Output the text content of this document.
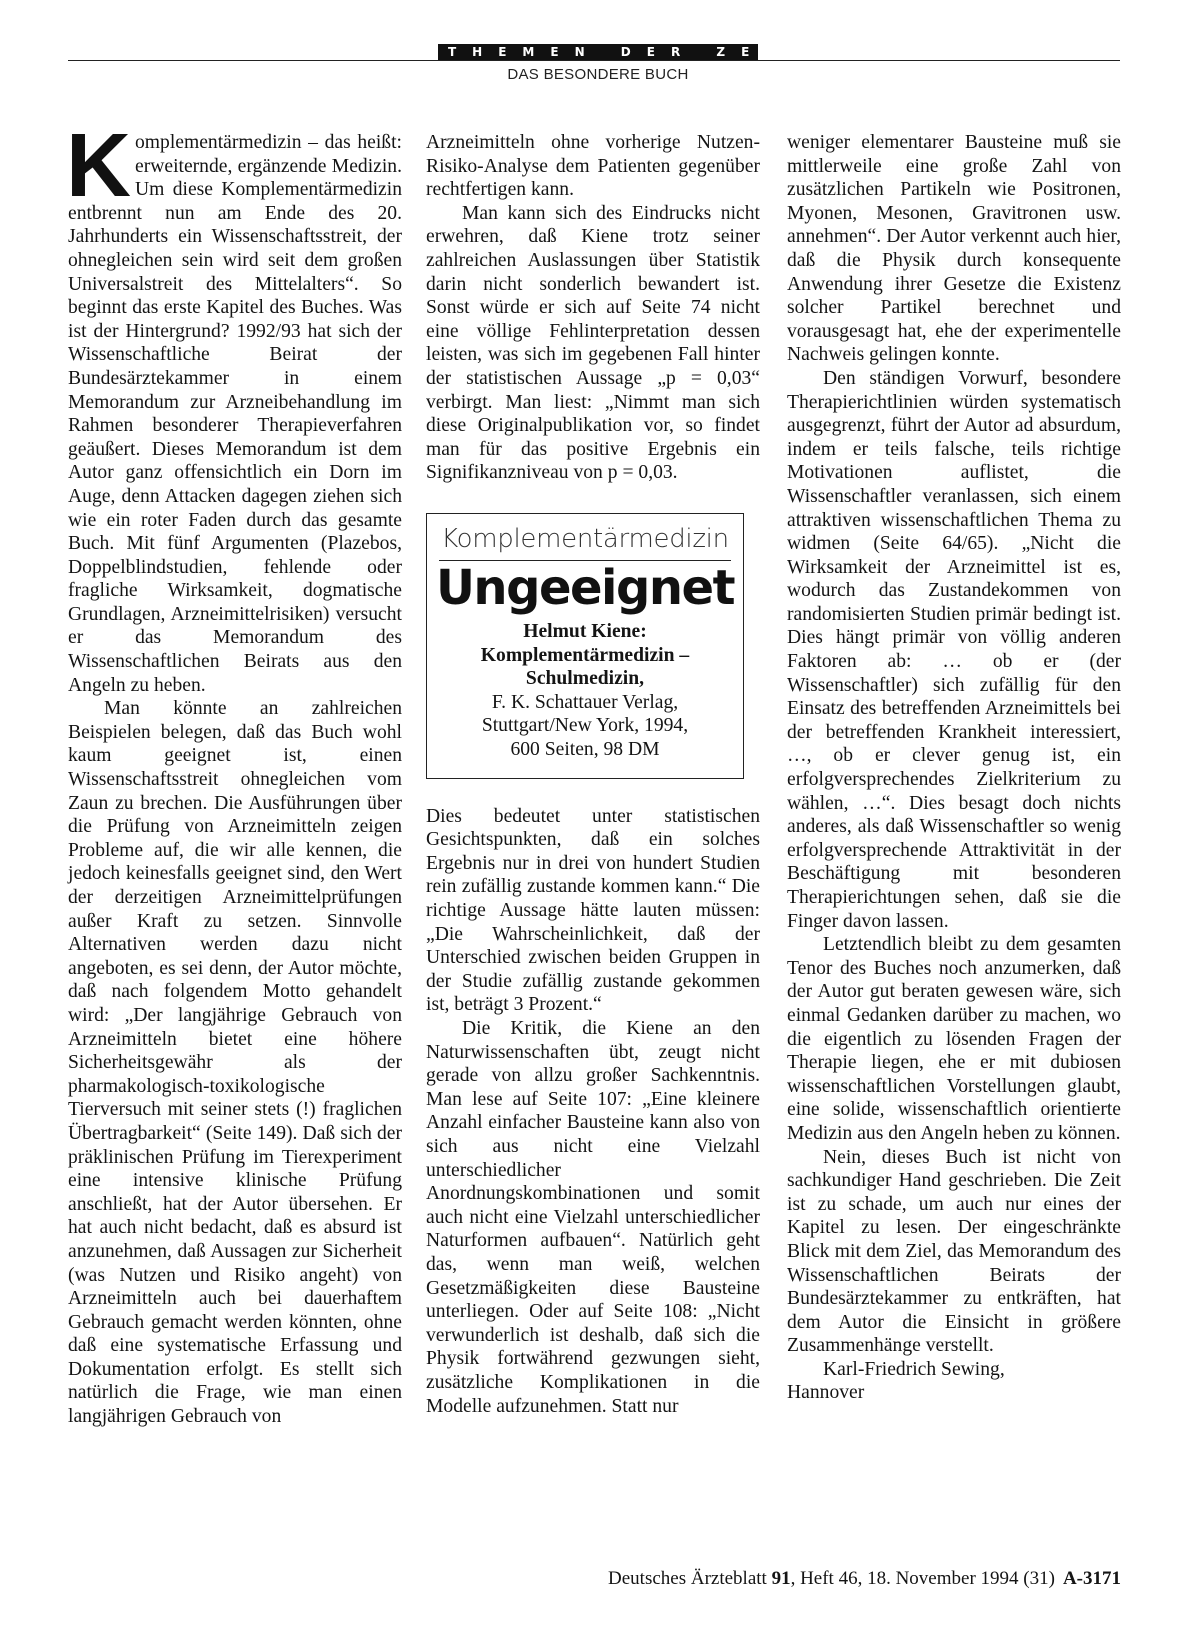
THEMEN DER ZEIT
DAS BESONDERE BUCH

Komplementärmedizin – das heißt: erweiternde, ergänzende Medizin. Um diese Komplementärmedizin entbrennt nun am Ende des 20. Jahrhunderts ein Wissenschaftsstreit, der ohnegleichen sein wird seit dem großen Universalstreit des Mittelalters“. So beginnt das erste Kapitel des Buches. Was ist der Hintergrund? 1992/93 hat sich der Wissenschaftliche Beirat der Bundesärztekammer in einem Memorandum zur Arzneibehandlung im Rahmen besonderer Therapieverfahren geäußert. Dieses Memorandum ist dem Autor ganz offensichtlich ein Dorn im Auge, denn Attacken dagegen ziehen sich wie ein roter Faden durch das gesamte Buch. Mit fünf Argumenten (Plazebos, Doppelblindstudien, fehlende oder fragliche Wirksamkeit, dogmatische Grundlagen, Arzneimittelrisiken) versucht er das Memorandum des Wissenschaftlichen Beirats aus den Angeln zu heben.

Man könnte an zahlreichen Beispielen belegen, daß das Buch wohl kaum geeignet ist, einen Wissenschaftsstreit ohnegleichen vom Zaun zu brechen. Die Ausführungen über die Prüfung von Arzneimitteln zeigen Probleme auf, die wir alle kennen, die jedoch keinesfalls geeignet sind, den Wert der derzeitigen Arzneimittelprüfungen außer Kraft zu setzen. Sinnvolle Alternativen werden dazu nicht angeboten, es sei denn, der Autor möchte, daß nach folgendem Motto gehandelt wird: „Der langjährige Gebrauch von Arzneimitteln bietet eine höhere Sicherheitsgewähr als der pharmakologisch-toxikologische Tierversuch mit seiner stets (!) fraglichen Übertragbarkeit“ (Seite 149). Daß sich der präklinischen Prüfung im Tierexperiment eine intensive klinische Prüfung anschließt, hat der Autor übersehen. Er hat auch nicht bedacht, daß es absurd ist anzunehmen, daß Aussagen zur Sicherheit (was Nutzen und Risiko angeht) von Arzneimitteln auch bei dauerhaftem Gebrauch gemacht werden könnten, ohne daß eine systematische Erfassung und Dokumentation erfolgt. Es stellt sich natürlich die Frage, wie man einen langjährigen Gebrauch von

Arzneimitteln ohne vorherige Nutzen-Risiko-Analyse dem Patienten gegenüber rechtfertigen kann.

Man kann sich des Eindrucks nicht erwehren, daß Kiene trotz seiner zahlreichen Auslassungen über Statistik darin nicht sonderlich bewandert ist. Sonst würde er sich auf Seite 74 nicht eine völlige Fehlinterpretation dessen leisten, was sich im gegebenen Fall hinter der statistischen Aussage „p = 0,03“ verbirgt. Man liest: „Nimmt man sich diese Originalpublikation vor, so findet man für das positive Ergebnis ein Signifikanzniveau von p = 0,03.

Komplementärmedizin
Ungeeignet
Helmut Kiene:
Komplementärmedizin –
Schulmedizin,
F. K. Schattauer Verlag,
Stuttgart/New York, 1994,
600 Seiten, 98 DM

Dies bedeutet unter statistischen Gesichtspunkten, daß ein solches Ergebnis nur in drei von hundert Studien rein zufällig zustande kommen kann.“ Die richtige Aussage hätte lauten müssen: „Die Wahrscheinlichkeit, daß der Unterschied zwischen beiden Gruppen in der Studie zufällig zustande gekommen ist, beträgt 3 Prozent.“

Die Kritik, die Kiene an den Naturwissenschaften übt, zeugt nicht gerade von allzu großer Sachkenntnis. Man lese auf Seite 107: „Eine kleinere Anzahl einfacher Bausteine kann also von sich aus nicht eine Vielzahl unterschiedlicher Anordnungskombinationen und somit auch nicht eine Vielzahl unterschiedlicher Naturformen aufbauen“. Natürlich geht das, wenn man weiß, welchen Gesetzmäßigkeiten diese Bausteine unterliegen. Oder auf Seite 108: „Nicht verwunderlich ist deshalb, daß sich die Physik fortwährend gezwungen sieht, zusätzliche Komplikationen in die Modelle aufzunehmen. Statt nur

weniger elementarer Bausteine muß sie mittlerweile eine große Zahl von zusätzlichen Partikeln wie Positronen, Myonen, Mesonen, Gravitronen usw. annehmen“. Der Autor verkennt auch hier, daß die Physik durch konsequente Anwendung ihrer Gesetze die Existenz solcher Partikel berechnet und vorausgesagt hat, ehe der experimentelle Nachweis gelingen konnte.

Den ständigen Vorwurf, besondere Therapierichtlinien würden systematisch ausgegrenzt, führt der Autor ad absurdum, indem er teils falsche, teils richtige Motivationen auflistet, die Wissenschaftler veranlassen, sich einem attraktiven wissenschaftlichen Thema zu widmen (Seite 64/65). „Nicht die Wirksamkeit der Arzneimittel ist es, wodurch das Zustandekommen von randomisierten Studien primär bedingt ist. Dies hängt primär von völlig anderen Faktoren ab: … ob er (der Wissenschaftler) sich zufällig für den Einsatz des betreffenden Arzneimittels bei der betreffenden Krankheit interessiert, …, ob er clever genug ist, ein erfolgversprechendes Zielkriterium zu wählen, …“. Dies besagt doch nichts anderes, als daß Wissenschaftler so wenig erfolgversprechende Attraktivität in der Beschäftigung mit besonderen Therapierichtungen sehen, daß sie die Finger davon lassen.

Letztendlich bleibt zu dem gesamten Tenor des Buches noch anzumerken, daß der Autor gut beraten gewesen wäre, sich einmal Gedanken darüber zu machen, wo die eigentlich zu lösenden Fragen der Therapie liegen, ehe er mit dubiosen wissenschaftlichen Vorstellungen glaubt, eine solide, wissenschaftlich orientierte Medizin aus den Angeln heben zu können.

Nein, dieses Buch ist nicht von sachkundiger Hand geschrieben. Die Zeit ist zu schade, um auch nur eines der Kapitel zu lesen. Der eingeschränkte Blick mit dem Ziel, das Memorandum des Wissenschaftlichen Beirats der Bundesärztekammer zu entkräften, hat dem Autor die Einsicht in größere Zusammenhänge verstellt.

Karl-Friedrich Sewing,
Hannover

Deutsches Ärzteblatt 91, Heft 46, 18. November 1994 (31) A-3171
